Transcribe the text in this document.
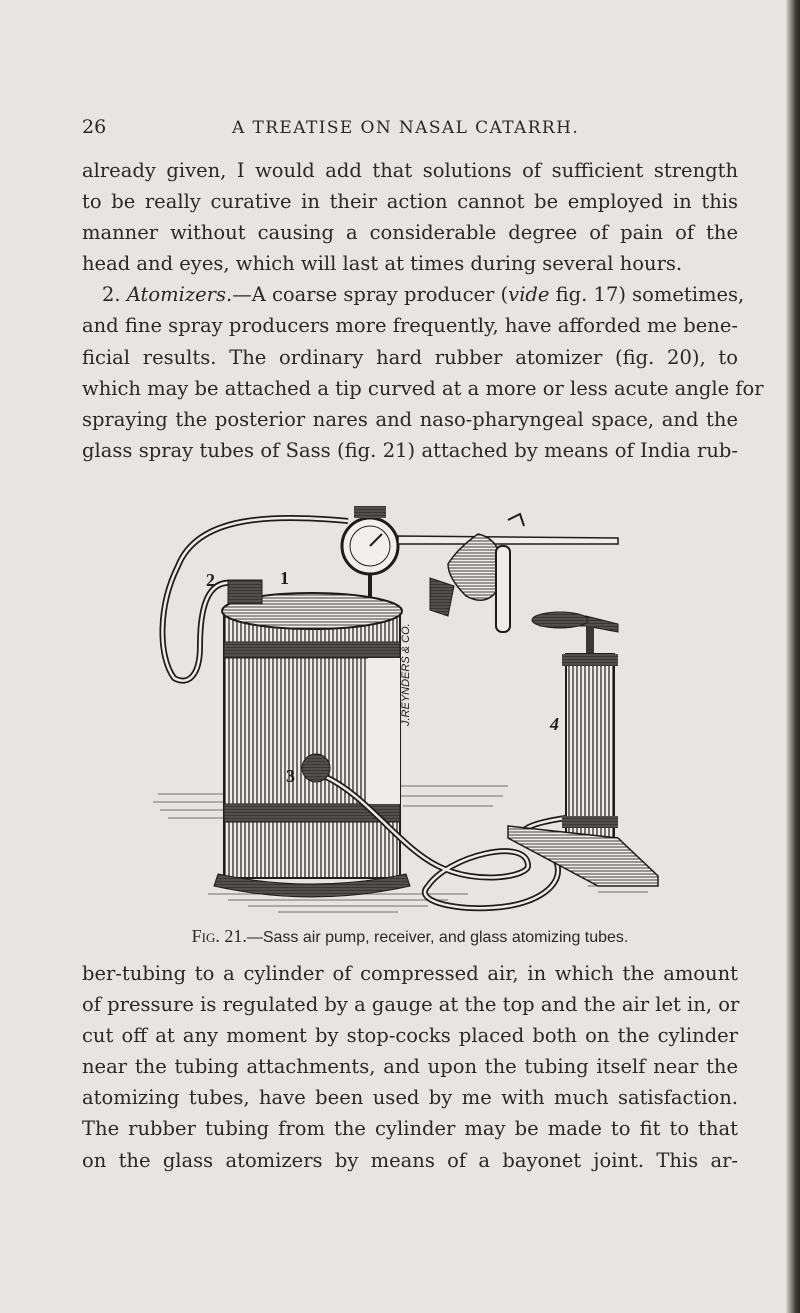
26	A TREATISE ON NASAL CATARRH.
already given, I would add that solutions of sufficient strength
to be really curative in their action cannot be employed in this
manner without causing a considerable degree of pain of the
head and eyes, which will last at times during several hours.
2. Atomizers.—A coarse spray producer (vide fig. 17) sometimes,
and fine spray producers more frequently, have afforded me bene-
ficial results. The ordinary hard rubber atomizer (fig. 20), to
which may be attached a tip curved at a more or less acute angle for
spraying the posterior nares and naso-pharyngeal space, and the
glass spray tubes of Sass (fig. 21) attached by means of India rub-
J.REYNDERS & CO.
1
2
3
4
Fig. 21.—Sass air pump, receiver, and glass atomizing tubes.
ber-tubing to a cylinder of compressed air, in which the amount
of pressure is regulated by a gauge at the top and the air let in, or
cut off at any moment by stop-cocks placed both on the cylinder
near the tubing attachments, and upon the tubing itself near the
atomizing tubes, have been used by me with much satisfaction.
The rubber tubing from the cylinder may be made to fit to that
on the glass atomizers by means of a bayonet joint. This ar-
